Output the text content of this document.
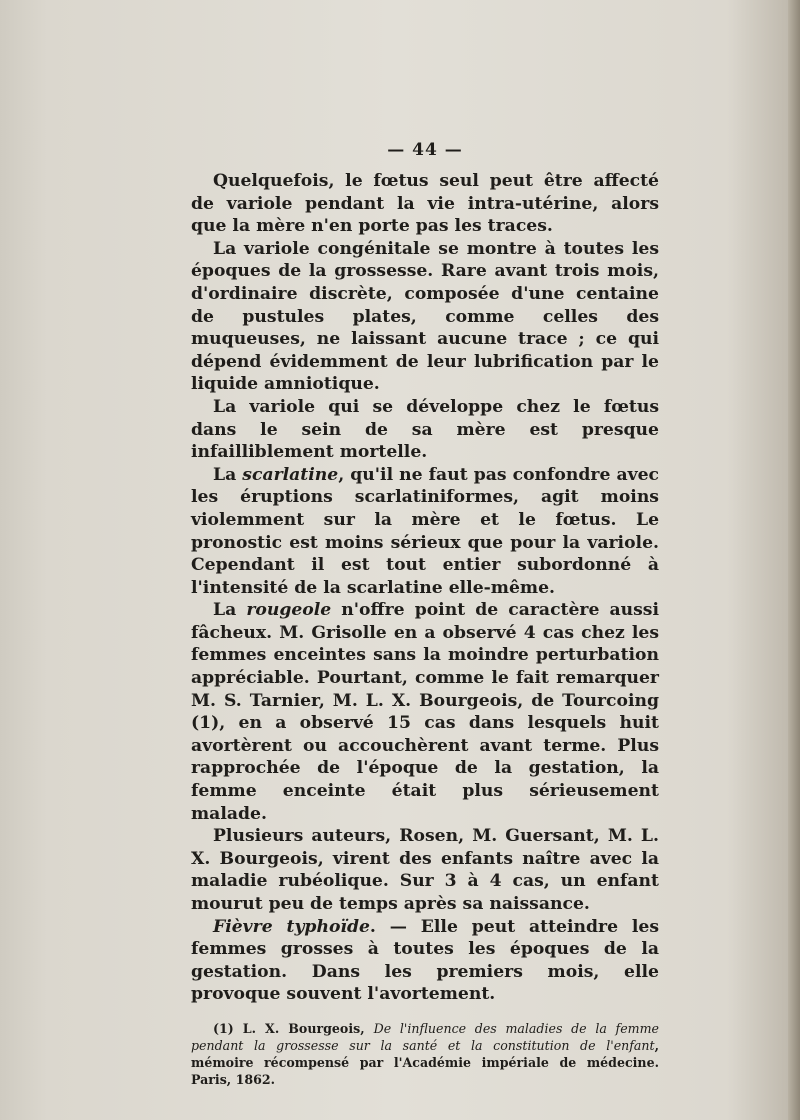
— 44 —

Quelquefois, le fœtus seul peut être affecté de variole pendant la vie intra-utérine, alors que la mère n'en porte pas les traces.

La variole congénitale se montre à toutes les époques de la grossesse. Rare avant trois mois, d'ordinaire discrète, composée d'une centaine de pustules plates, comme celles des muqueuses, ne laissant aucune trace ; ce qui dépend évidemment de leur lubrification par le liquide amniotique.

La variole qui se développe chez le fœtus dans le sein de sa mère est presque infailliblement mortelle.

La scarlatine, qu'il ne faut pas confondre avec les éruptions scarlatiniformes, agit moins violemment sur la mère et le fœtus. Le pronostic est moins sérieux que pour la variole. Cependant il est tout entier subordonné à l'intensité de la scarlatine elle-même.

La rougeole n'offre point de caractère aussi fâcheux. M. Grisolle en a observé 4 cas chez les femmes enceintes sans la moindre perturbation appréciable. Pourtant, comme le fait remarquer M. S. Tarnier, M. L. X. Bourgeois, de Tourcoing (1), en a observé 15 cas dans lesquels huit avortèrent ou accouchèrent avant terme. Plus rapprochée de l'époque de la gestation, la femme enceinte était plus sérieusement malade.

Plusieurs auteurs, Rosen, M. Guersant, M. L. X. Bourgeois, virent des enfants naître avec la maladie rubéolique. Sur 3 à 4 cas, un enfant mourut peu de temps après sa naissance.

Fièvre typhoïde. — Elle peut atteindre les femmes grosses à toutes les époques de la gestation. Dans les premiers mois, elle provoque souvent l'avortement.

(1) L. X. Bourgeois, De l'influence des maladies de la femme pendant la grossesse sur la santé et la constitution de l'enfant, mémoire récompensé par l'Académie impériale de médecine. Paris, 1862.
